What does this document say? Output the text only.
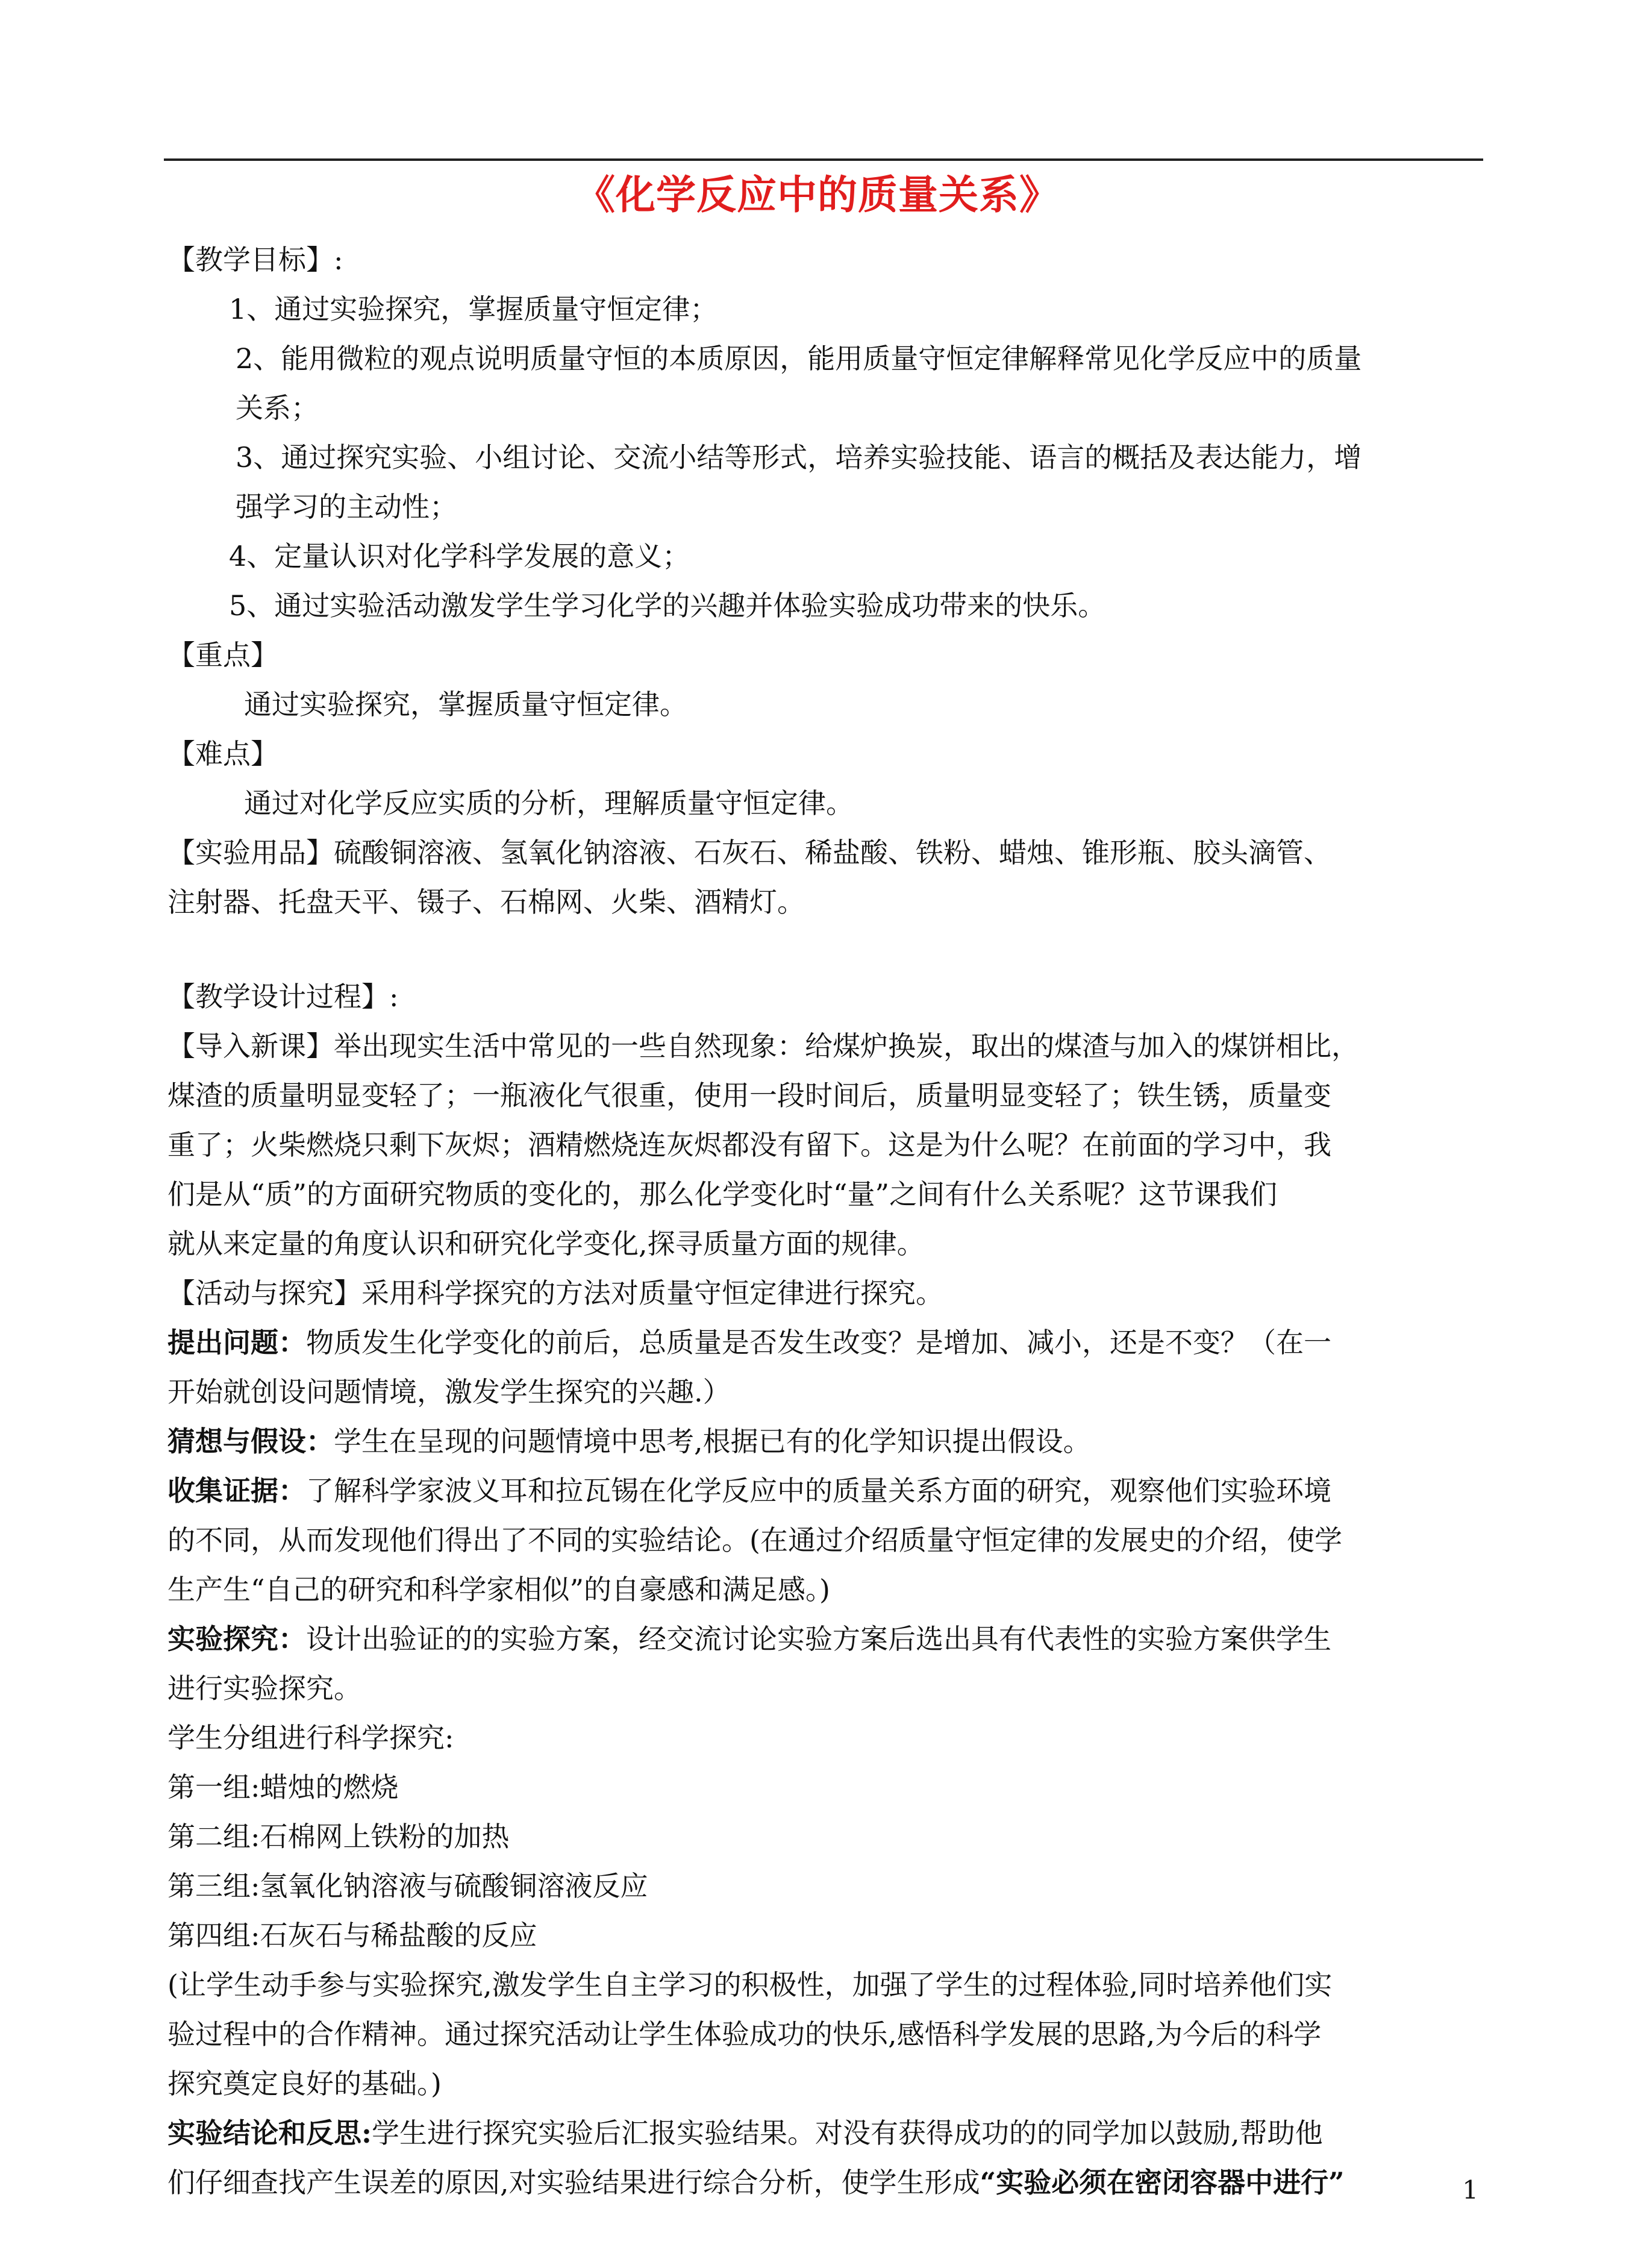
《化学反应中的质量关系》

【教学目标】:

1、通过实验探究，掌握质量守恒定律；

2、能用微粒的观点说明质量守恒的本质原因，能用质量守恒定律解释常见化学反应中的质量

关系；

3、通过探究实验、小组讨论、交流小结等形式，培养实验技能、语言的概括及表达能力，增

强学习的主动性；

4、定量认识对化学科学发展的意义；

5、通过实验活动激发学生学习化学的兴趣并体验实验成功带来的快乐。

【重点】

通过实验探究，掌握质量守恒定律。

【难点】

通过对化学反应实质的分析，理解质量守恒定律。

【实验用品】硫酸铜溶液、氢氧化钠溶液、石灰石、稀盐酸、铁粉、蜡烛、锥形瓶、胶头滴管、

注射器、托盘天平、镊子、石棉网、火柴、酒精灯。

【教学设计过程】:

【导入新课】举出现实生活中常见的一些自然现象：给煤炉换炭，取出的煤渣与加入的煤饼相比，

煤渣的质量明显变轻了；一瓶液化气很重，使用一段时间后，质量明显变轻了；铁生锈，质量变

重了；火柴燃烧只剩下灰烬；酒精燃烧连灰烬都没有留下。这是为什么呢？在前面的学习中，我

们是从“质”的方面研究物质的变化的，那么化学变化时“量”之间有什么关系呢？这节课我们

就从来定量的角度认识和研究化学变化,探寻质量方面的规律。

【活动与探究】采用科学探究的方法对质量守恒定律进行探究。

提出问题：物质发生化学变化的前后，总质量是否发生改变？是增加、减小，还是不变？（在一

开始就创设问题情境，激发学生探究的兴趣.）

猜想与假设：学生在呈现的问题情境中思考,根据已有的化学知识提出假设。

收集证据：了解科学家波义耳和拉瓦锡在化学反应中的质量关系方面的研究，观察他们实验环境

的不同，从而发现他们得出了不同的实验结论。(在通过介绍质量守恒定律的发展史的介绍，使学

生产生“自己的研究和科学家相似”的自豪感和满足感。)

实验探究：设计出验证的的实验方案，经交流讨论实验方案后选出具有代表性的实验方案供学生

进行实验探究。

学生分组进行科学探究:

第一组:蜡烛的燃烧

第二组:石棉网上铁粉的加热

第三组:氢氧化钠溶液与硫酸铜溶液反应

第四组:石灰石与稀盐酸的反应

(让学生动手参与实验探究,激发学生自主学习的积极性，加强了学生的过程体验,同时培养他们实

验过程中的合作精神。通过探究活动让学生体验成功的快乐,感悟科学发展的思路,为今后的科学

探究奠定良好的基础。)

实验结论和反思:学生进行探究实验后汇报实验结果。对没有获得成功的的同学加以鼓励,帮助他

们仔细查找产生误差的原因,对实验结果进行综合分析，使学生形成“实验必须在密闭容器中进行”	1
